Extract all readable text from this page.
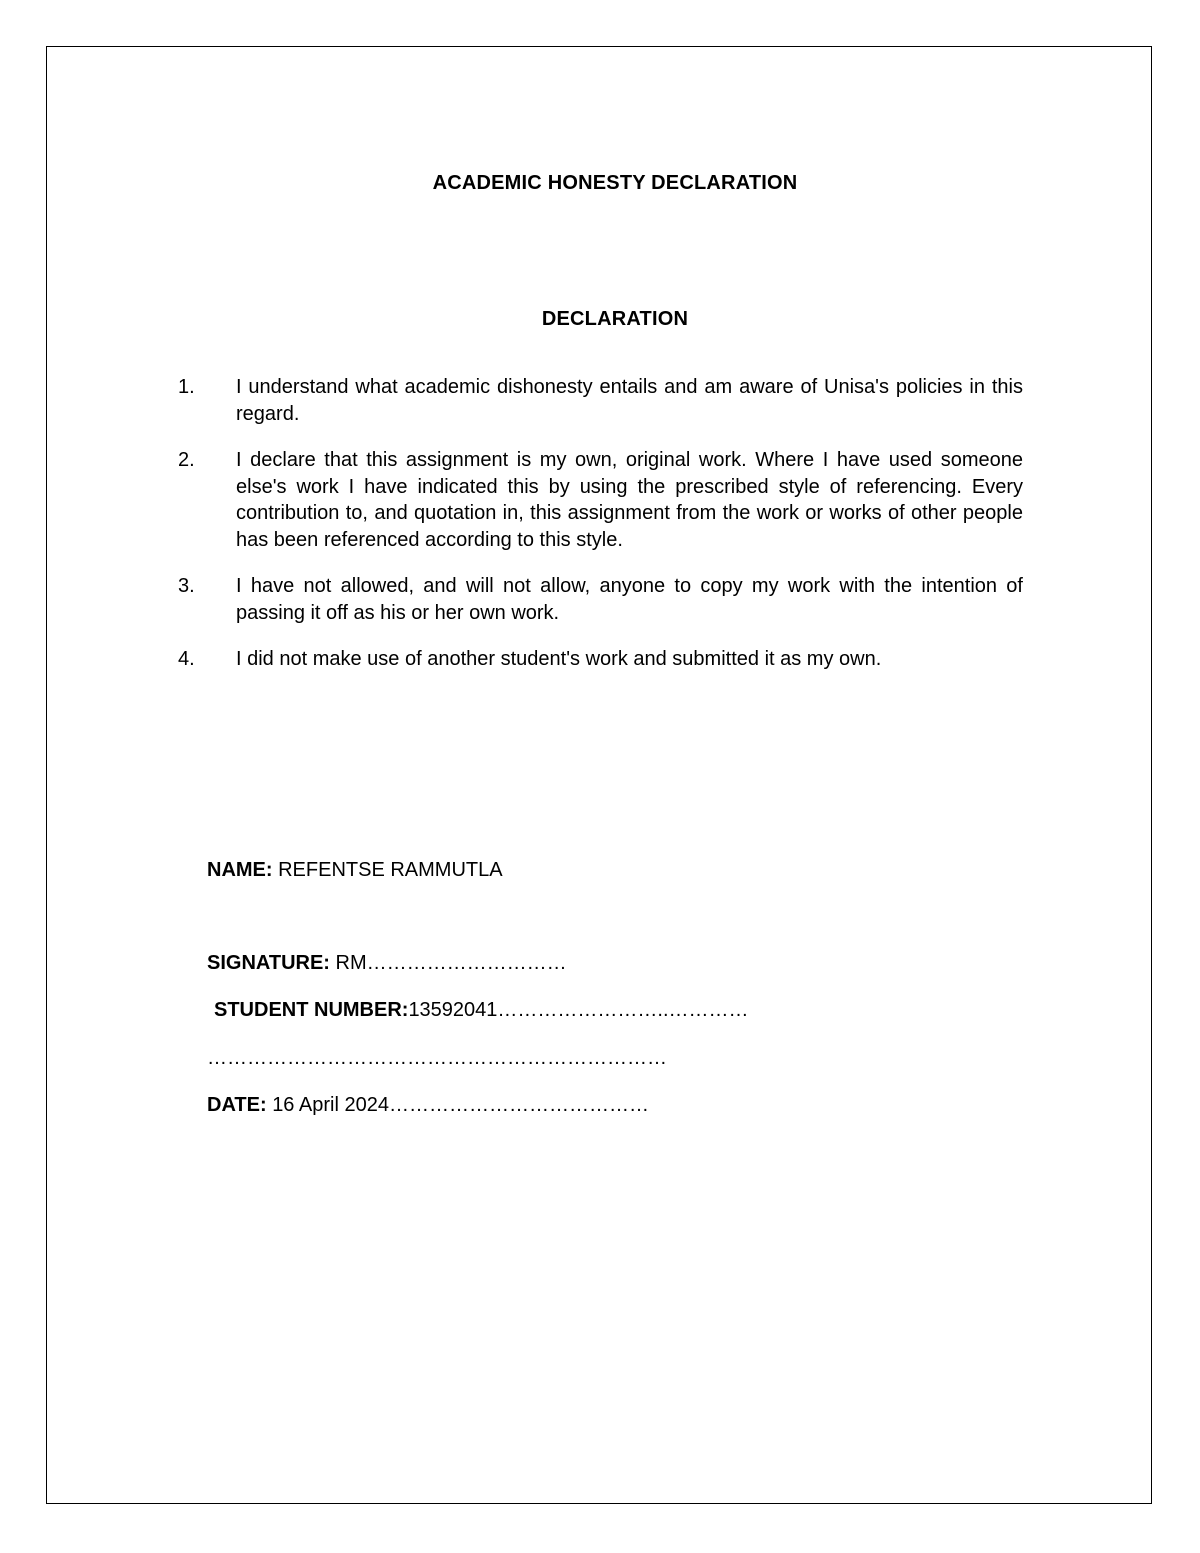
ACADEMIC HONESTY DECLARATION
DECLARATION
1. I understand what academic dishonesty entails and am aware of Unisa's policies in this regard.
2. I declare that this assignment is my own, original work. Where I have used someone else's work I have indicated this by using the prescribed style of referencing. Every contribution to, and quotation in, this assignment from the work or works of other people has been referenced according to this style.
3. I have not allowed, and will not allow, anyone to copy my work with the intention of passing it off as his or her own work.
4. I did not make use of another student's work and submitted it as my own.
NAME: REFENTSE RAMMUTLA
SIGNATURE: RM…………………………
STUDENT NUMBER:13592041……………………..…………
……………………………………………………………
DATE: 16 April 2024…………………………………
